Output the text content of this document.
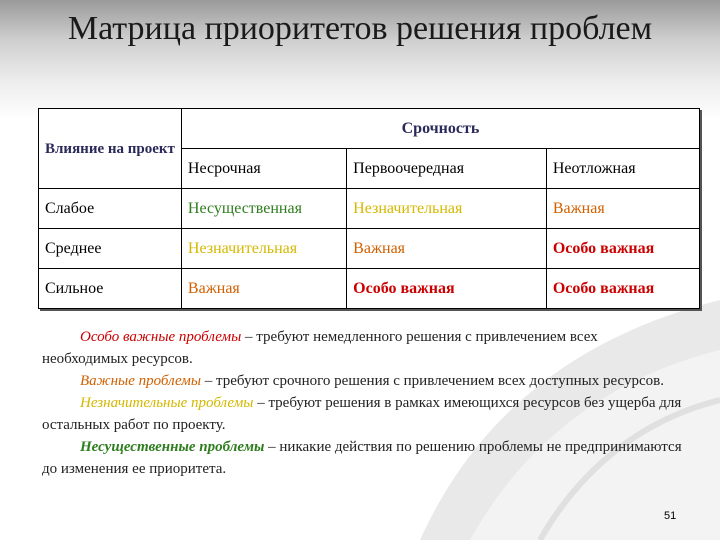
Матрица приоритетов решения проблем
Влияние на проект	Срочность		
	Несрочная	Первоочередная	Неотложная
Слабое	Несущественная	Незначительная	Важная
Среднее	Незначительная	Важная	Особо важная
Сильное	Важная	Особо важная	Особо важная

Особо важные проблемы – требуют немедленного решения с привлечением всех необходимых ресурсов.

Важные проблемы – требуют срочного решения с привлечением всех доступных ресурсов.

Незначительные проблемы – требуют решения в рамках имеющихся ресурсов без ущерба для остальных работ по проекту.

Несущественные проблемы – никакие действия по решению проблемы не предпринимаются до изменения ее приоритета.

51
